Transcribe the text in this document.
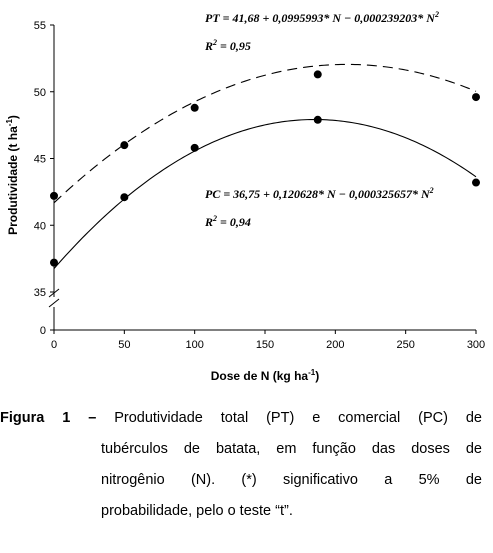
35
40
45
50
55
0
0	50	100	150	200	250	300
PT = 41,68 + 0,0995993* N − 0,000239203* $N^2$
$R^2 = 0,95$
PC = 36,75 + 0,120628* N − 0,000325657* $N^2$
$R^2 = 0,94$
Dose de N (kg $ha^{-1}$)
Produtividade (t $ha^{-1}$)
Figura 1 – Produtividade total (PT) e comercial (PC) de
tubérculos de batata, em função das doses de
nitrogênio (N). (*) significativo a 5% de
probabilidade, pelo o teste “t”.
